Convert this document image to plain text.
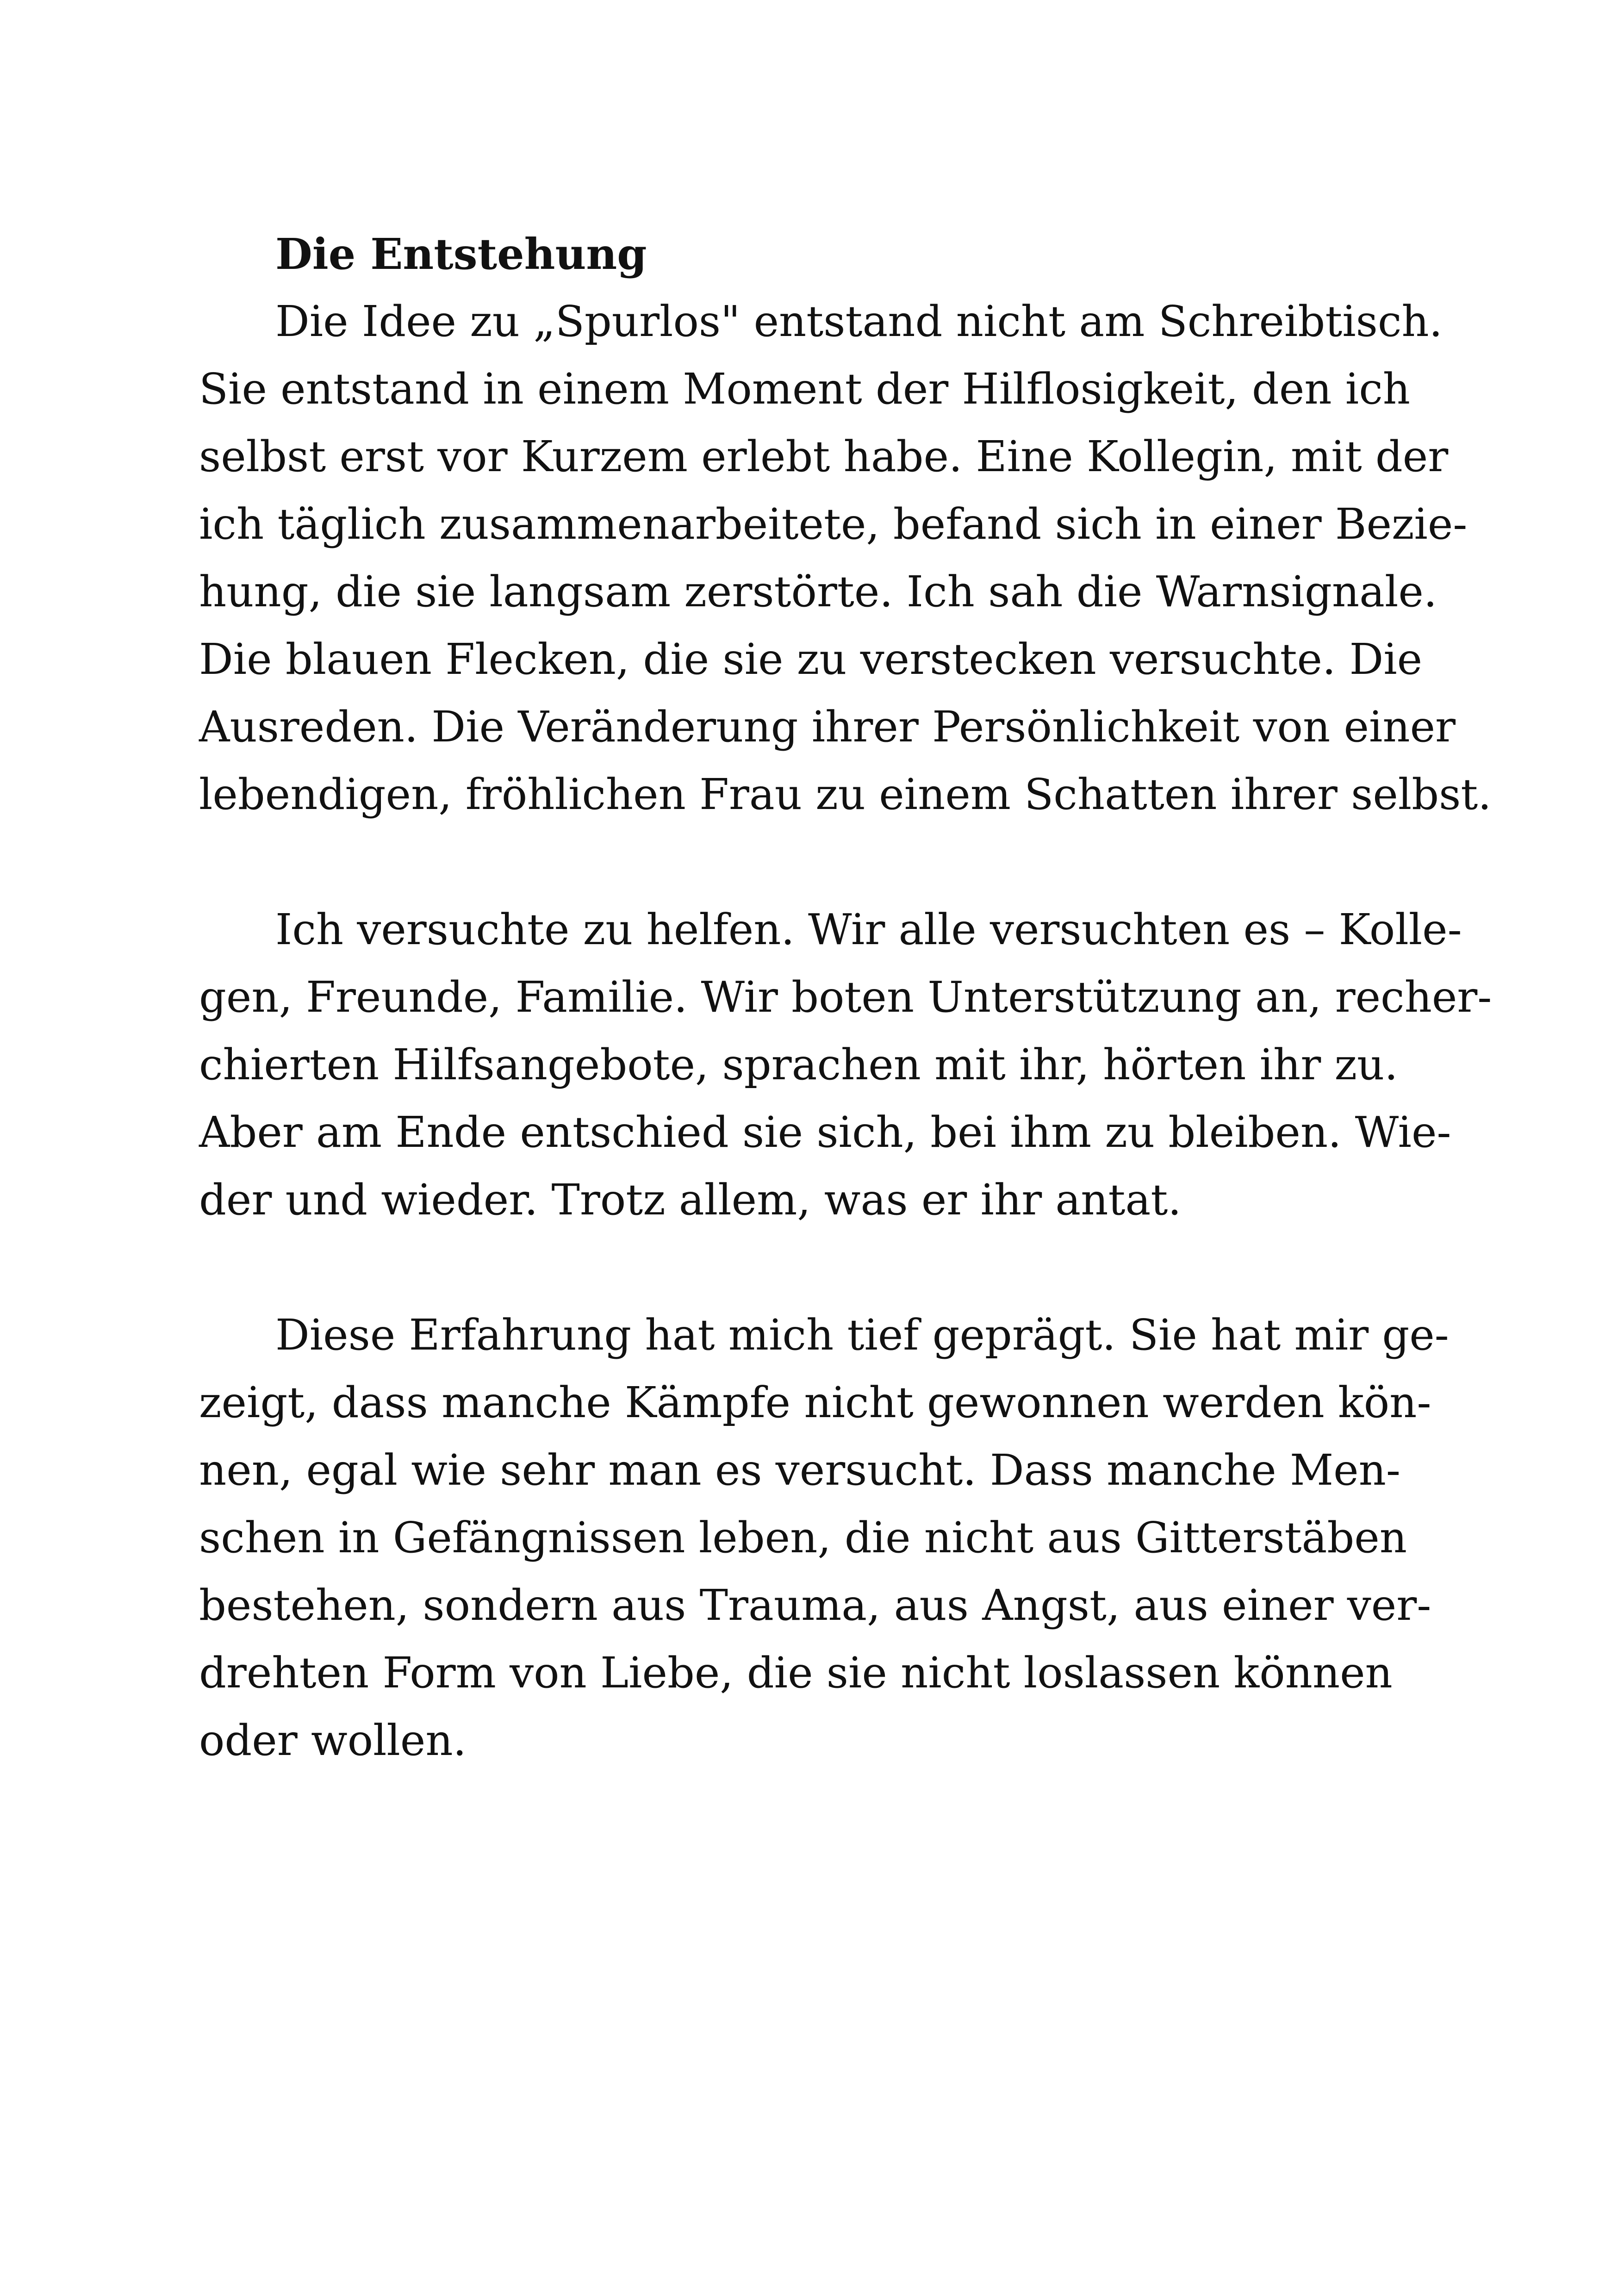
Die Entstehung
Die Idee zu „Spurlos" entstand nicht am Schreibtisch.
Sie entstand in einem Moment der Hilflosigkeit, den ich
selbst erst vor Kurzem erlebt habe. Eine Kollegin, mit der
ich täglich zusammenarbeitete, befand sich in einer Bezie-
hung, die sie langsam zerstörte. Ich sah die Warnsignale.
Die blauen Flecken, die sie zu verstecken versuchte. Die
Ausreden. Die Veränderung ihrer Persönlichkeit von einer
lebendigen, fröhlichen Frau zu einem Schatten ihrer selbst.
Ich versuchte zu helfen. Wir alle versuchten es – Kolle-
gen, Freunde, Familie. Wir boten Unterstützung an, recher-
chierten Hilfsangebote, sprachen mit ihr, hörten ihr zu.
Aber am Ende entschied sie sich, bei ihm zu bleiben. Wie-
der und wieder. Trotz allem, was er ihr antat.
Diese Erfahrung hat mich tief geprägt. Sie hat mir ge-
zeigt, dass manche Kämpfe nicht gewonnen werden kön-
nen, egal wie sehr man es versucht. Dass manche Men-
schen in Gefängnissen leben, die nicht aus Gitterstäben
bestehen, sondern aus Trauma, aus Angst, aus einer ver-
drehten Form von Liebe, die sie nicht loslassen können
oder wollen.
